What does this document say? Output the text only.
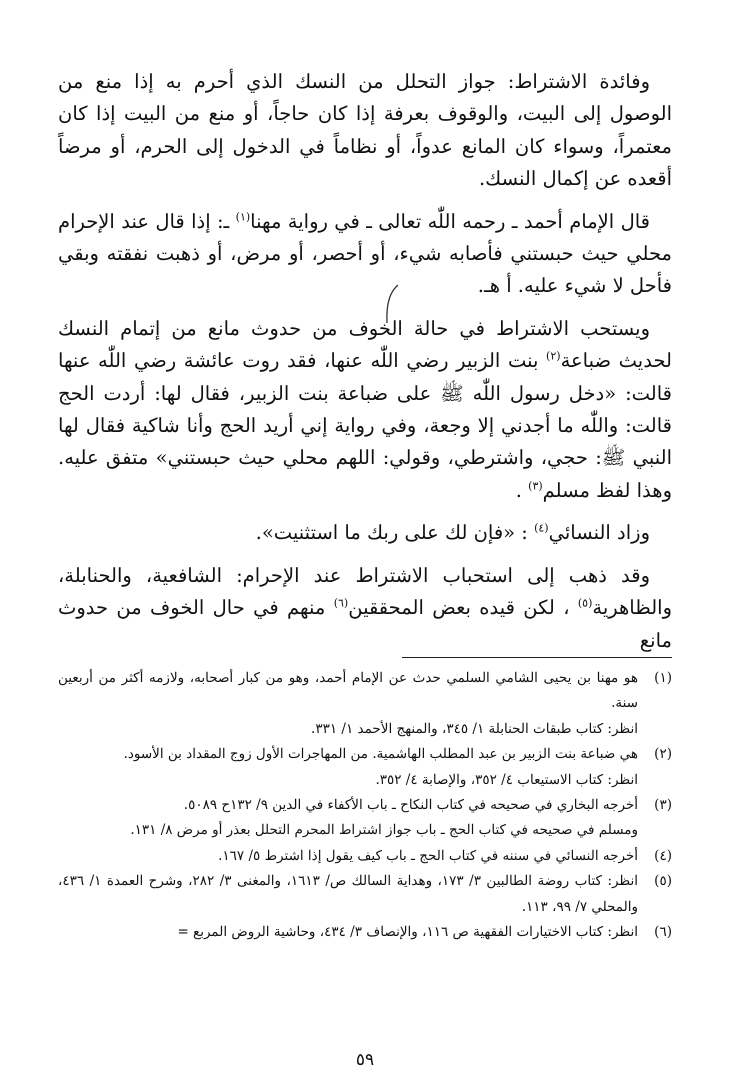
وفائدة الاشتراط: جواز التحلل من النسك الذي أحرم به إذا منع من الوصول إلى البيت، والوقوف بعرفة إذا كان حاجاً، أو منع من البيت إذا كان معتمراً، وسواء كان المانع عدواً، أو نظاماً في الدخول إلى الحرم، أو مرضاً أقعده عن إكمال النسك.

قال الإمام أحمد ـ رحمه اللّٰه تعالى ـ في رواية مهنا$^{(١)}$ ـ: إذا قال عند الإحرام محلي حيث حبستني فأصابه شيء، أو أحصر، أو مرض، أو ذهبت نفقته وبقي فأحل لا شيء عليه. أ هـ.

ويستحب الاشتراط في حالة الخوف من حدوث مانع من إتمام النسك لحديث ضباعة$^{(٢)}$ بنت الزبير رضي اللّٰه عنها، فقد روت عائشة رضي اللّٰه عنها قالت: «دخل رسول اللّٰه ﷺ على ضباعة بنت الزبير، فقال لها: أردت الحج قالت: واللّٰه ما أجدني إلا وجعة، وفي رواية إني أريد الحج وأنا شاكية فقال لها النبي ﷺ: حجي، واشترطي، وقولي: اللهم محلي حيث حبستني» متفق عليه. وهذا لفظ مسلم$^{(٣)}$ .

وزاد النسائي$^{(٤)}$ : «فإن لك على ربك ما استثنيت».

وقد ذهب إلى استحباب الاشتراط عند الإحرام: الشافعية، والحنابلة، والظاهرية$^{(٥)}$ ، لكن قيده بعض المحققين$^{(٦)}$ منهم في حال الخوف من حدوث مانع

(١)
هو مهنا بن يحيى الشامي السلمي حدث عن الإمام أحمد، وهو من كبار أصحابه، ولازمه أكثر من أربعين سنة.
انظر: كتاب طبقات الحنابلة ١/ ٣٤٥، والمنهج الأحمد ١/ ٣٣١.
(٢)
هي ضباعة بنت الزبير بن عبد المطلب الهاشمية. من المهاجرات الأول زوج المقداد بن الأسود.
انظر: كتاب الاستيعاب ٤/ ٣٥٢، والإصابة ٤/ ٣٥٢.
(٣)
أخرجه البخاري في صحيحه في كتاب النكاح ـ باب الأكفاء في الدين ٩/ ١٣٢ح ٥٠٨٩.
ومسلم في صحيحه في كتاب الحج ـ باب جواز اشتراط المحرم التحلل بعذر أو مرض ٨/ ١٣١.
(٤)
أخرجه النسائي في سننه في كتاب الحج ـ باب كيف يقول إذا اشترط ٥/ ١٦٧.
(٥)
انظر: كتاب روضة الطالبين ٣/ ١٧٣، وهداية السالك ص/ ١٦١٣، والمغنى ٣/ ٢٨٢، وشرح العمدة ١/ ٤٣٦، والمحلي ٧/ ٩٩، ١١٣.
(٦)
انظر: كتاب الاختيارات الفقهية ص ١١٦، والإنصاف ٣/ ٤٣٤، وحاشية الروض المربع =
٥٩
